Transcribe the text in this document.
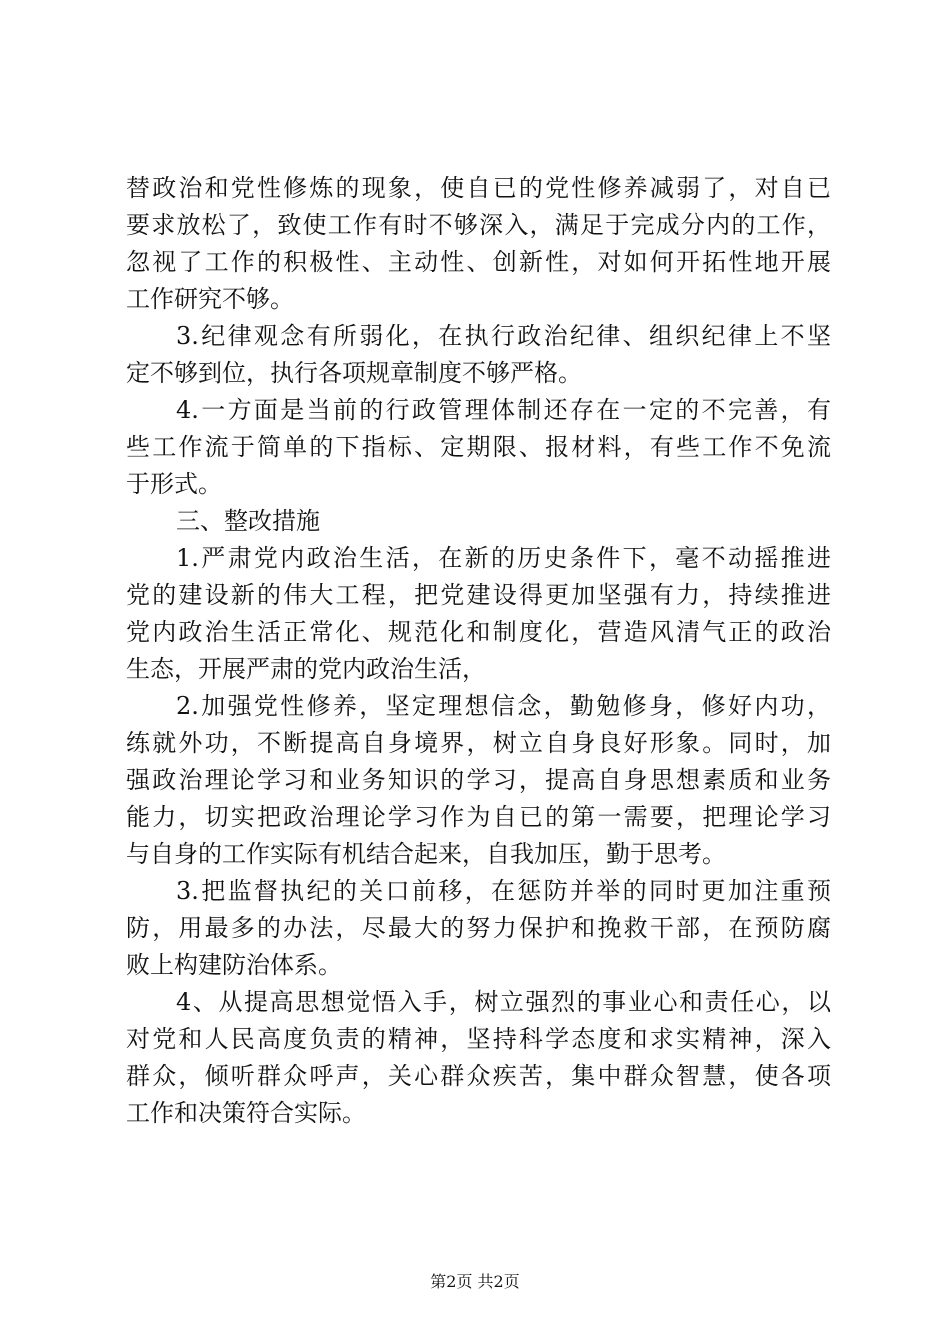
替政治和党性修炼的现象，使自已的党性修养减弱了，对自已
要求放松了，致使工作有时不够深入，满足于完成分内的工作，
忽视了工作的积极性、主动性、创新性，对如何开拓性地开展
工作研究不够。
3.纪律观念有所弱化，在执行政治纪律、组织纪律上不坚
定不够到位，执行各项规章制度不够严格。
4.一方面是当前的行政管理体制还存在一定的不完善，有
些工作流于简单的下指标、定期限、报材料，有些工作不免流
于形式。
三、整改措施
1.严肃党内政治生活，在新的历史条件下，毫不动摇推进
党的建设新的伟大工程，把党建设得更加坚强有力，持续推进
党内政治生活正常化、规范化和制度化，营造风清气正的政治
生态，开展严肃的党内政治生活，
2.加强党性修养，坚定理想信念，勤勉修身，修好内功，
练就外功，不断提高自身境界，树立自身良好形象。同时，加
强政治理论学习和业务知识的学习，提高自身思想素质和业务
能力，切实把政治理论学习作为自已的第一需要，把理论学习
与自身的工作实际有机结合起来，自我加压，勤于思考。
3.把监督执纪的关口前移，在惩防并举的同时更加注重预
防，用最多的办法，尽最大的努力保护和挽救干部，在预防腐
败上构建防治体系。
4、从提高思想觉悟入手，树立强烈的事业心和责任心，以
对党和人民高度负责的精神，坚持科学态度和求实精神，深入
群众，倾听群众呼声，关心群众疾苦，集中群众智慧，使各项
工作和决策符合实际。
第2页 共2页
